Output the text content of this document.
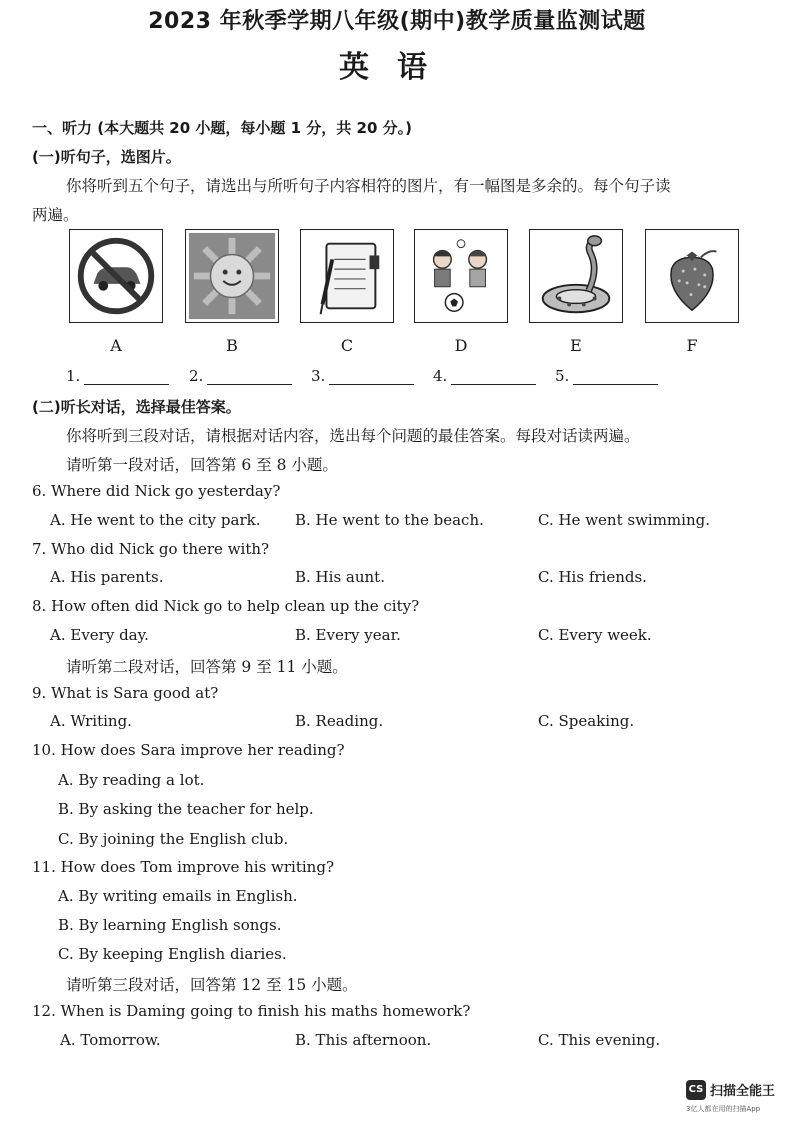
2023 年秋季学期八年级(期中)教学质量监测试题
英语
一、听力 (本大题共 20 小题，每小题 1 分，共 20 分。)
(一)听句子，选图片。
你将听到五个句子，请选出与所听句子内容相符的图片，有一幅图是多余的。每个句子读
两遍。
A	B	C	D	E	F
1.	2.	3.	4.	5.
(二)听长对话，选择最佳答案。
你将听到三段对话，请根据对话内容，选出每个问题的最佳答案。每段对话读两遍。
请听第一段对话，回答第 6 至 8 小题。
6. Where did Nick go yesterday?
A. He went to the city park. B. He went to the beach.	C. He went swimming.
7. Who did Nick go there with?
A. His parents.	B. His aunt.	C. His friends.
8. How often did Nick go to help clean up the city?
A. Every day.	B. Every year.	C. Every week.
请听第二段对话，回答第 9 至 11 小题。
9. What is Sara good at?
A. Writing.	B. Reading.	C. Speaking.
10. How does Sara improve her reading?
A. By reading a lot.
B. By asking the teacher for help.
C. By joining the English club.
11. How does Tom improve his writing?
A. By writing emails in English.
B. By learning English songs.
C. By keeping English diaries.
请听第三段对话，回答第 12 至 15 小题。
12. When is Daming going to finish his maths homework?
A. Tomorrow.	B. This afternoon.	C. This evening.
CS 扫描全能王
3亿人都在用的扫描App
